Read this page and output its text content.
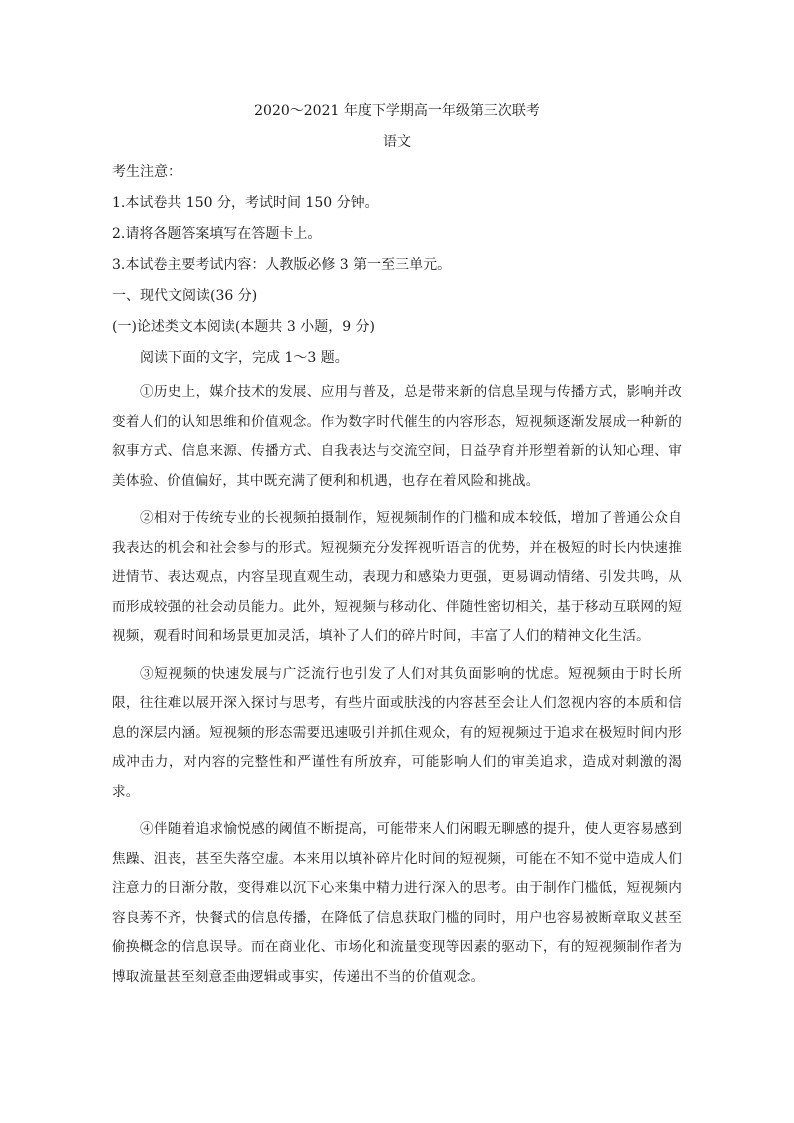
2020～2021 年度下学期高一年级第三次联考
语文
考生注意：
1.本试卷共 150 分，考试时间 150 分钟。
2.请将各题答案填写在答题卡上。
3.本试卷主要考试内容：人教版必修 3 第一至三单元。
一、现代文阅读(36 分)
(一)论述类文本阅读(本题共 3 小题，9 分)
阅读下面的文字，完成 1～3 题。

①历史上，媒介技术的发展、应用与普及，总是带来新的信息呈现与传播方式，影响并改变着人们的认知思维和价值观念。作为数字时代催生的内容形态，短视频逐渐发展成一种新的叙事方式、信息来源、传播方式、自我表达与交流空间，日益孕育并形塑着新的认知心理、审美体验、价值偏好，其中既充满了便利和机遇，也存在着风险和挑战。

②相对于传统专业的长视频拍摄制作，短视频制作的门槛和成本较低，增加了普通公众自我表达的机会和社会参与的形式。短视频充分发挥视听语言的优势，并在极短的时长内快速推进情节、表达观点，内容呈现直观生动，表现力和感染力更强，更易调动情绪、引发共鸣，从而形成较强的社会动员能力。此外，短视频与移动化、伴随性密切相关，基于移动互联网的短视频，观看时间和场景更加灵活，填补了人们的碎片时间，丰富了人们的精神文化生活。

③短视频的快速发展与广泛流行也引发了人们对其负面影响的忧虑。短视频由于时长所限，往往难以展开深入探讨与思考，有些片面或肤浅的内容甚至会让人们忽视内容的本质和信息的深层内涵。短视频的形态需要迅速吸引并抓住观众，有的短视频过于追求在极短时间内形成冲击力，对内容的完整性和严谨性有所放弃，可能影响人们的审美追求，造成对刺激的渴求。

④伴随着追求愉悦感的阈值不断提高，可能带来人们闲暇无聊感的提升，使人更容易感到焦躁、沮丧，甚至失落空虚。本来用以填补碎片化时间的短视频，可能在不知不觉中造成人们注意力的日渐分散，变得难以沉下心来集中精力进行深入的思考。由于制作门槛低，短视频内容良莠不齐，快餐式的信息传播，在降低了信息获取门槛的同时，用户也容易被断章取义甚至偷换概念的信息误导。而在商业化、市场化和流量变现等因素的驱动下，有的短视频制作者为博取流量甚至刻意歪曲逻辑或事实，传递出不当的价值观念。
